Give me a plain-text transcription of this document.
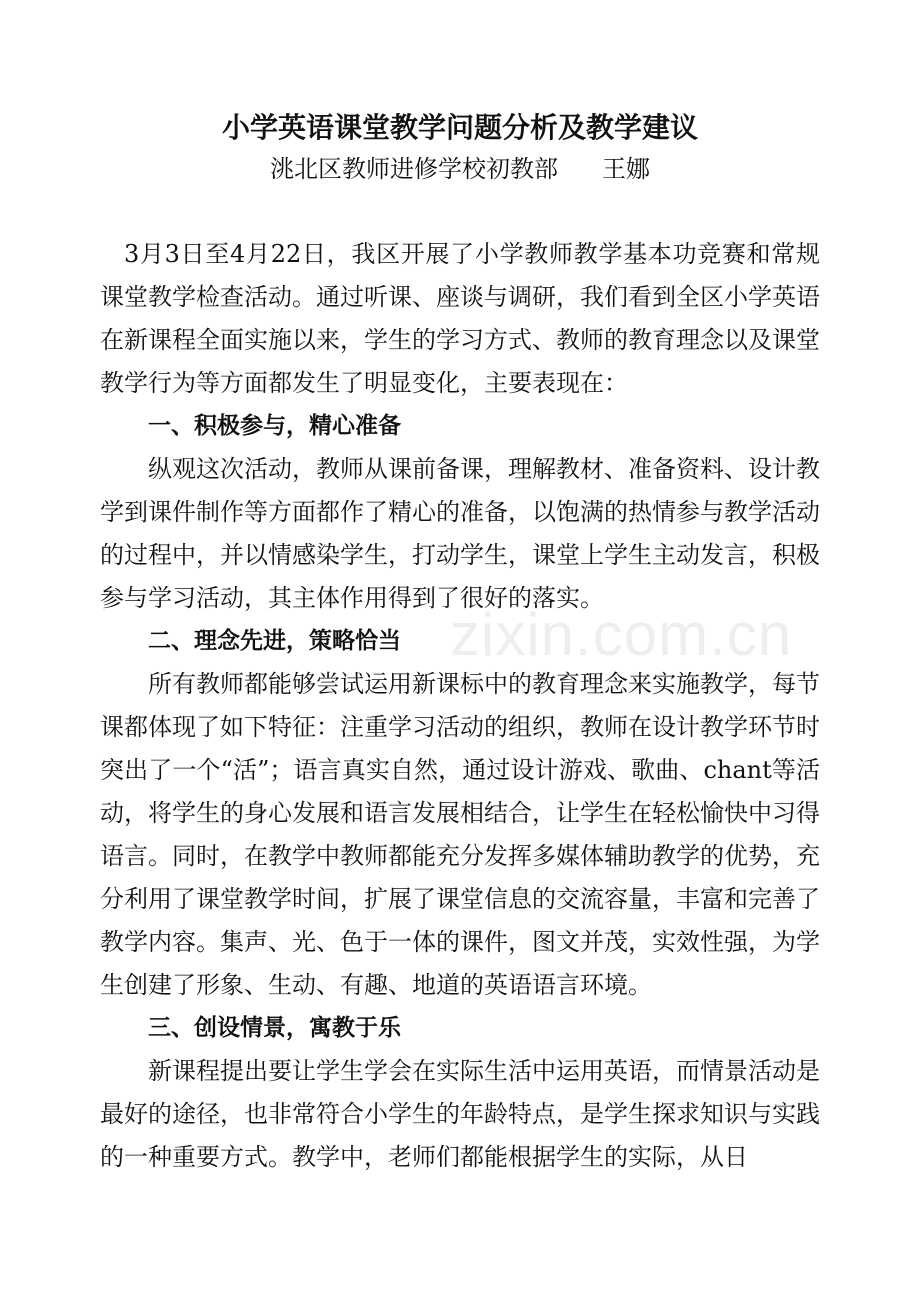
小学英语课堂教学问题分析及教学建议

洮北区教师进修学校初教部 王娜

3月3日至4月22日，我区开展了小学教师教学基本功竞赛和常规课堂教学检查活动。通过听课、座谈与调研，我们看到全区小学英语在新课程全面实施以来，学生的学习方式、教师的教育理念以及课堂教学行为等方面都发生了明显变化，主要表现在：

一、积极参与，精心准备

纵观这次活动，教师从课前备课，理解教材、准备资料、设计教学到课件制作等方面都作了精心的准备，以饱满的热情参与教学活动的过程中，并以情感染学生，打动学生，课堂上学生主动发言，积极参与学习活动，其主体作用得到了很好的落实。

二、理念先进，策略恰当

所有教师都能够尝试运用新课标中的教育理念来实施教学，每节课都体现了如下特征：注重学习活动的组织，教师在设计教学环节时突出了一个“活”；语言真实自然，通过设计游戏、歌曲、chant等活动，将学生的身心发展和语言发展相结合，让学生在轻松愉快中习得语言。同时，在教学中教师都能充分发挥多媒体辅助教学的优势，充分利用了课堂教学时间，扩展了课堂信息的交流容量，丰富和完善了教学内容。集声、光、色于一体的课件，图文并茂，实效性强，为学生创建了形象、生动、有趣、地道的英语语言环境。

三、创设情景，寓教于乐

新课程提出要让学生学会在实际生活中运用英语，而情景活动是最好的途径，也非常符合小学生的年龄特点，是学生探求知识与实践的一种重要方式。教学中，老师们都能根据学生的实际，从日

zixin.com.cn
